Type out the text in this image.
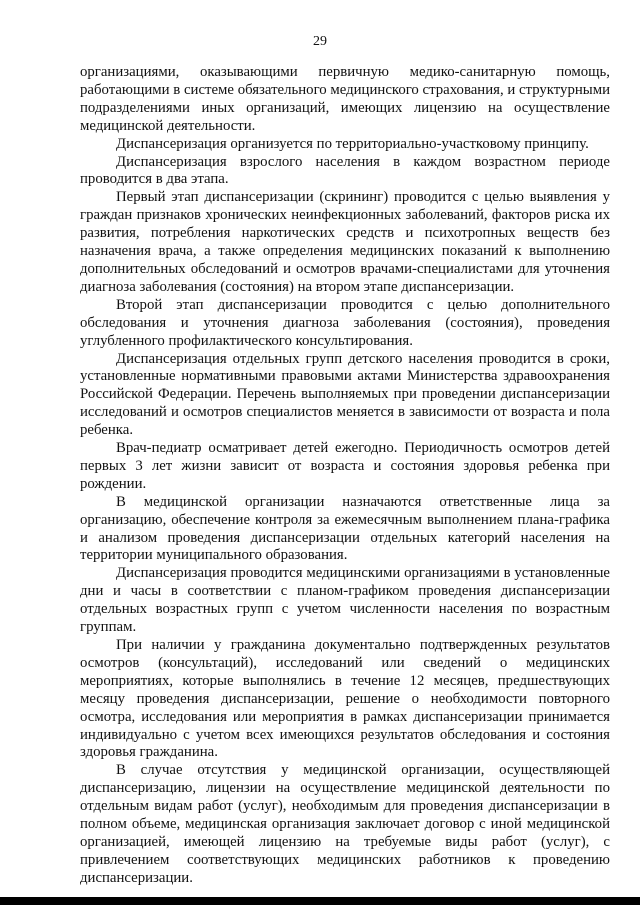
29

организациями, оказывающими первичную медико-санитарную помощь, работающими в системе обязательного медицинского страхования, и структурными подразделениями иных организаций, имеющих лицензию на осуществление медицинской деятельности.

Диспансеризация организуется по территориально-участковому принципу.

Диспансеризация взрослого населения в каждом возрастном периоде проводится в два этапа.

Первый этап диспансеризации (скрининг) проводится с целью выявления у граждан признаков хронических неинфекционных заболеваний, факторов риска их развития, потребления наркотических средств и психотропных веществ без назначения врача, а также определения медицинских показаний к выполнению дополнительных обследований и осмотров врачами-специалистами для уточнения диагноза заболевания (состояния) на втором этапе диспансеризации.

Второй этап диспансеризации проводится с целью дополнительного обследования и уточнения диагноза заболевания (состояния), проведения углубленного профилактического консультирования.

Диспансеризация отдельных групп детского населения проводится в сроки, установленные нормативными правовыми актами Министерства здравоохранения Российской Федерации. Перечень выполняемых при проведении диспансеризации исследований и осмотров специалистов меняется в зависимости от возраста и пола ребенка.

Врач-педиатр осматривает детей ежегодно. Периодичность осмотров детей первых 3 лет жизни зависит от возраста и состояния здоровья ребенка при рождении.

В медицинской организации назначаются ответственные лица за организацию, обеспечение контроля за ежемесячным выполнением плана-графика и анализом проведения диспансеризации отдельных категорий населения на территории муниципального образования.

Диспансеризация проводится медицинскими организациями в установленные дни и часы в соответствии с планом-графиком проведения диспансеризации отдельных возрастных групп с учетом численности населения по возрастным группам.

При наличии у гражданина документально подтвержденных результатов осмотров (консультаций), исследований или сведений о медицинских мероприятиях, которые выполнялись в течение 12 месяцев, предшествующих месяцу проведения диспансеризации, решение о необходимости повторного осмотра, исследования или мероприятия в рамках диспансеризации принимается индивидуально с учетом всех имеющихся результатов обследования и состояния здоровья гражданина.

В случае отсутствия у медицинской организации, осуществляющей диспансеризацию, лицензии на осуществление медицинской деятельности по отдельным видам работ (услуг), необходимым для проведения диспансеризации в полном объеме, медицинская организация заключает договор с иной медицинской организацией, имеющей лицензию на требуемые виды работ (услуг), с привлечением соответствующих медицинских работников к проведению диспансеризации.
